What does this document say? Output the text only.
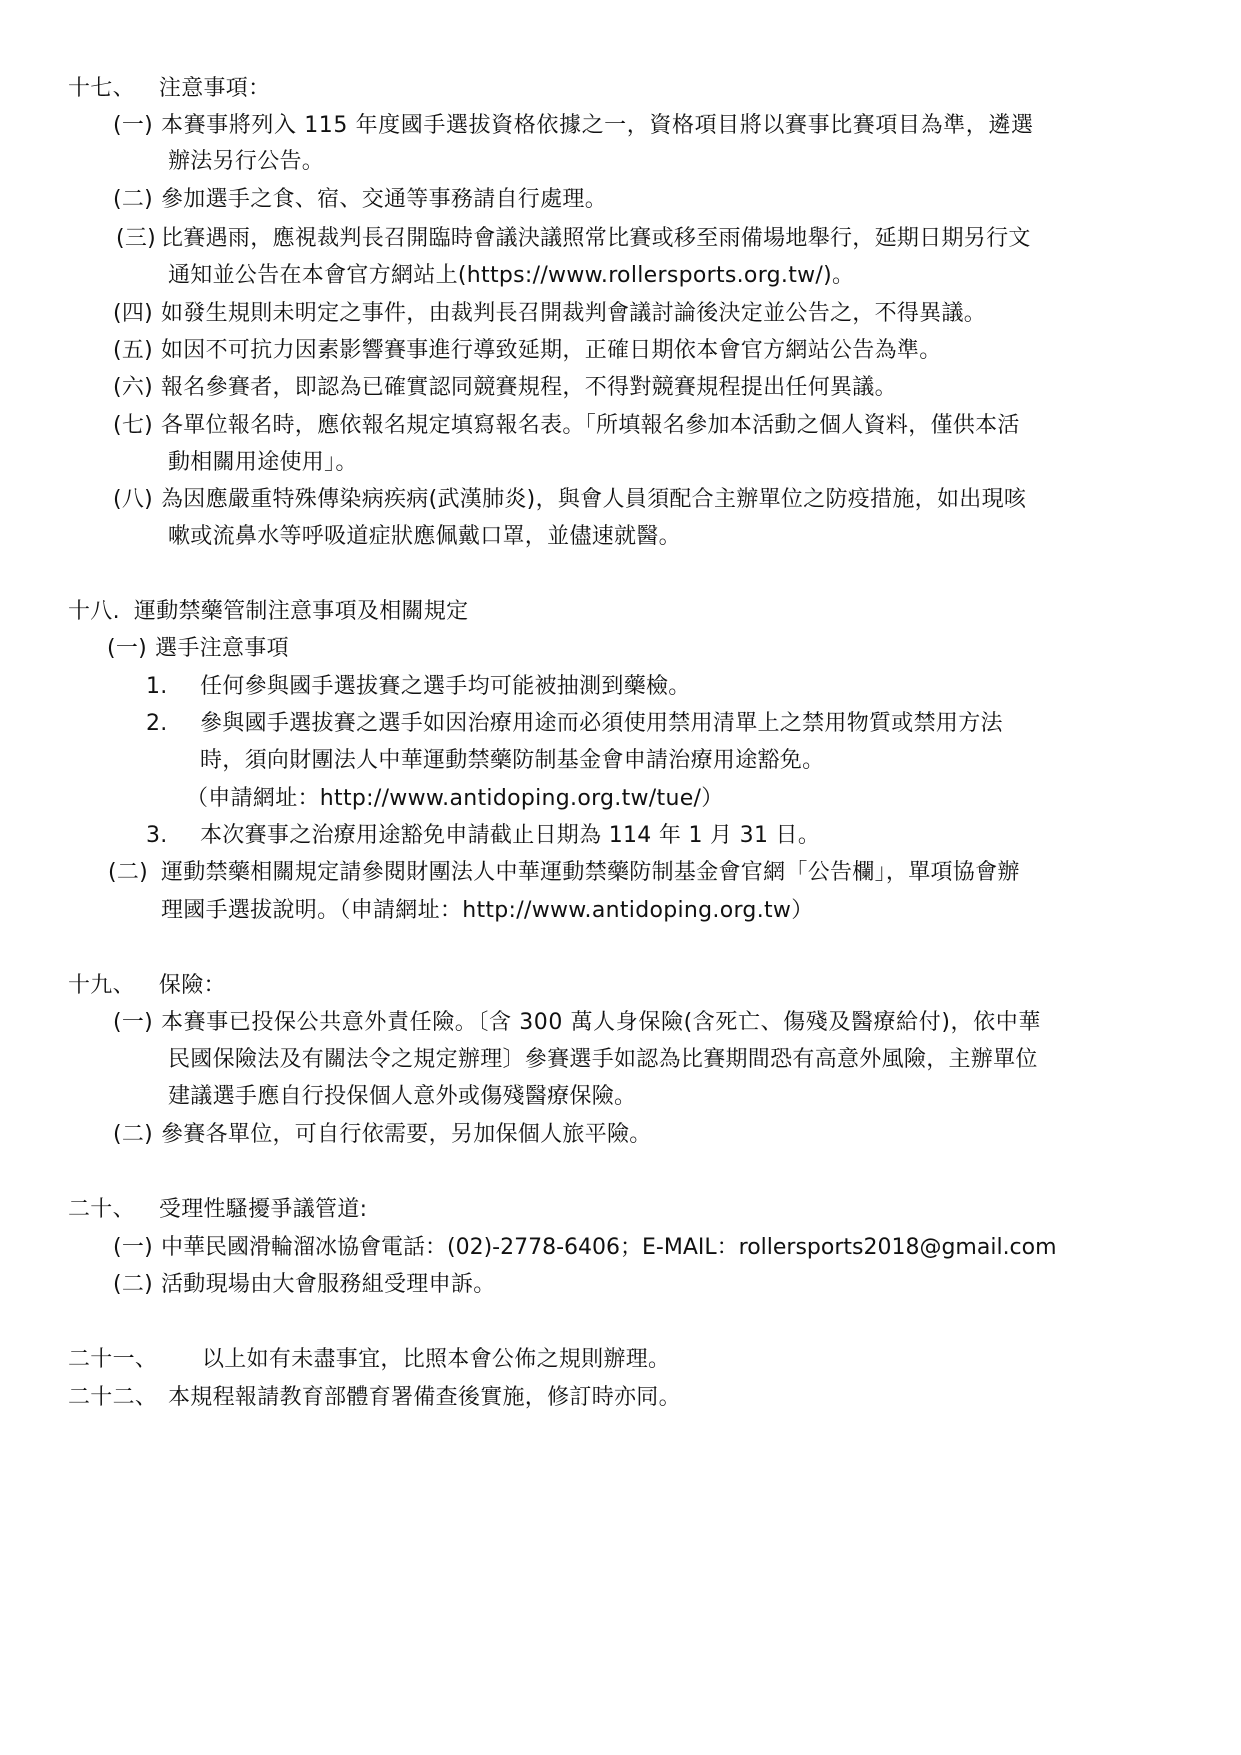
十七、 注意事項：
(一) 本賽事將列入 115 年度國手選拔資格依據之一，資格項目將以賽事比賽項目為準，遴選
辦法另行公告。
(二) 參加選手之食、宿、交通等事務請自行處理。
(三) 比賽遇雨，應視裁判長召開臨時會議決議照常比賽或移至雨備場地舉行，延期日期另行文
通知並公告在本會官方網站上(https://www.rollersports.org.tw/)。
(四) 如發生規則未明定之事件，由裁判長召開裁判會議討論後決定並公告之，不得異議。
(五) 如因不可抗力因素影響賽事進行導致延期，正確日期依本會官方網站公告為準。
(六) 報名參賽者，即認為已確實認同競賽規程，不得對競賽規程提出任何異議。
(七) 各單位報名時，應依報名規定填寫報名表。「所填報名參加本活動之個人資料，僅供本活
動相關用途使用」。
(八) 為因應嚴重特殊傳染病疾病(武漢肺炎)，與會人員須配合主辦單位之防疫措施，如出現咳
嗽或流鼻水等呼吸道症狀應佩戴口罩，並儘速就醫。
十八. 運動禁藥管制注意事項及相關規定
(一) 選手注意事項
1. 任何參與國手選拔賽之選手均可能被抽測到藥檢。
2. 參與國手選拔賽之選手如因治療用途而必須使用禁用清單上之禁用物質或禁用方法
時，須向財團法人中華運動禁藥防制基金會申請治療用途豁免。
（申請網址：http://www.antidoping.org.tw/tue/）
3. 本次賽事之治療用途豁免申請截止日期為 114 年 1 月 31 日。
(二) 運動禁藥相關規定請參閱財團法人中華運動禁藥防制基金會官網「公告欄」，單項協會辦
理國手選拔說明。（申請網址：http://www.antidoping.org.tw）
十九、 保險：
(一) 本賽事已投保公共意外責任險。〔含 300 萬人身保險(含死亡、傷殘及醫療給付)，依中華
民國保險法及有關法令之規定辦理〕參賽選手如認為比賽期間恐有高意外風險，主辦單位
建議選手應自行投保個人意外或傷殘醫療保險。
(二) 參賽各單位，可自行依需要，另加保個人旅平險。
二十、 受理性騷擾爭議管道:
(一) 中華民國滑輪溜冰協會電話：(02)-2778-6406；E-MAIL：rollersports2018@gmail.com
(二) 活動現場由大會服務組受理申訴。
二十一、 以上如有未盡事宜，比照本會公佈之規則辦理。
二十二、 本規程報請教育部體育署備查後實施，修訂時亦同。
